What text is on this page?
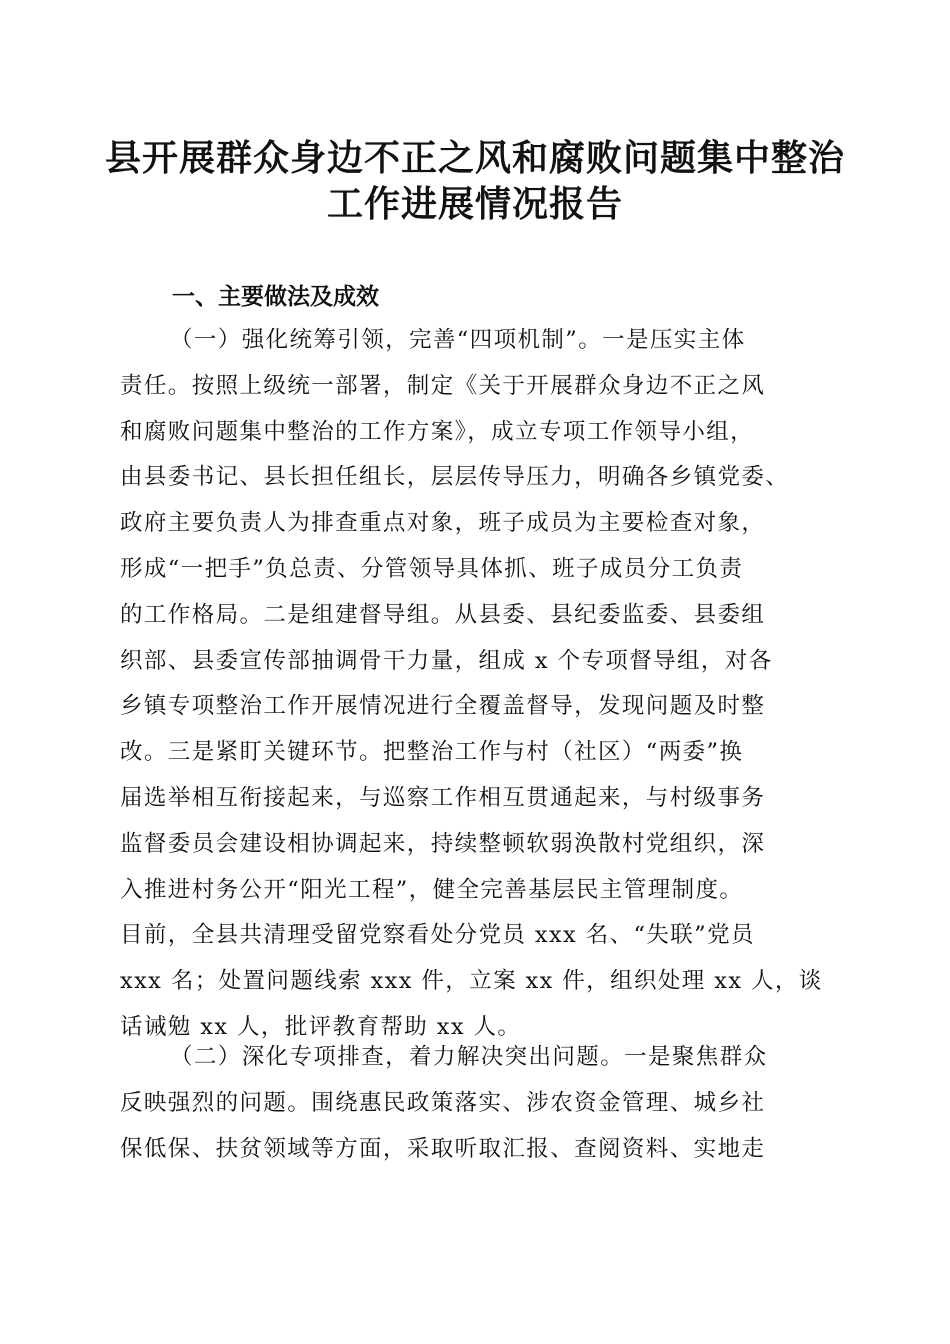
县开展群众身边不正之风和腐败问题集中整治
工作进展情况报告
一、主要做法及成效
（一）强化统筹引领，完善“四项机制”。一是压实主体
责任。按照上级统一部署，制定《关于开展群众身边不正之风
和腐败问题集中整治的工作方案》，成立专项工作领导小组，
由县委书记、县长担任组长，层层传导压力，明确各乡镇党委、
政府主要负责人为排查重点对象，班子成员为主要检查对象，
形成“一把手”负总责、分管领导具体抓、班子成员分工负责
的工作格局。二是组建督导组。从县委、县纪委监委、县委组
织部、县委宣传部抽调骨干力量，组成 x 个专项督导组，对各
乡镇专项整治工作开展情况进行全覆盖督导，发现问题及时整
改。三是紧盯关键环节。把整治工作与村（社区）“两委”换
届选举相互衔接起来，与巡察工作相互贯通起来，与村级事务
监督委员会建设相协调起来，持续整顿软弱涣散村党组织，深
入推进村务公开“阳光工程”，健全完善基层民主管理制度。
目前，全县共清理受留党察看处分党员 xxx 名、“失联”党员
xxx 名；处置问题线索 xxx 件，立案 xx 件，组织处理 xx 人，谈
话诫勉 xx 人，批评教育帮助 xx 人。
（二）深化专项排查，着力解决突出问题。一是聚焦群众
反映强烈的问题。围绕惠民政策落实、涉农资金管理、城乡社
保低保、扶贫领域等方面，采取听取汇报、查阅资料、实地走
